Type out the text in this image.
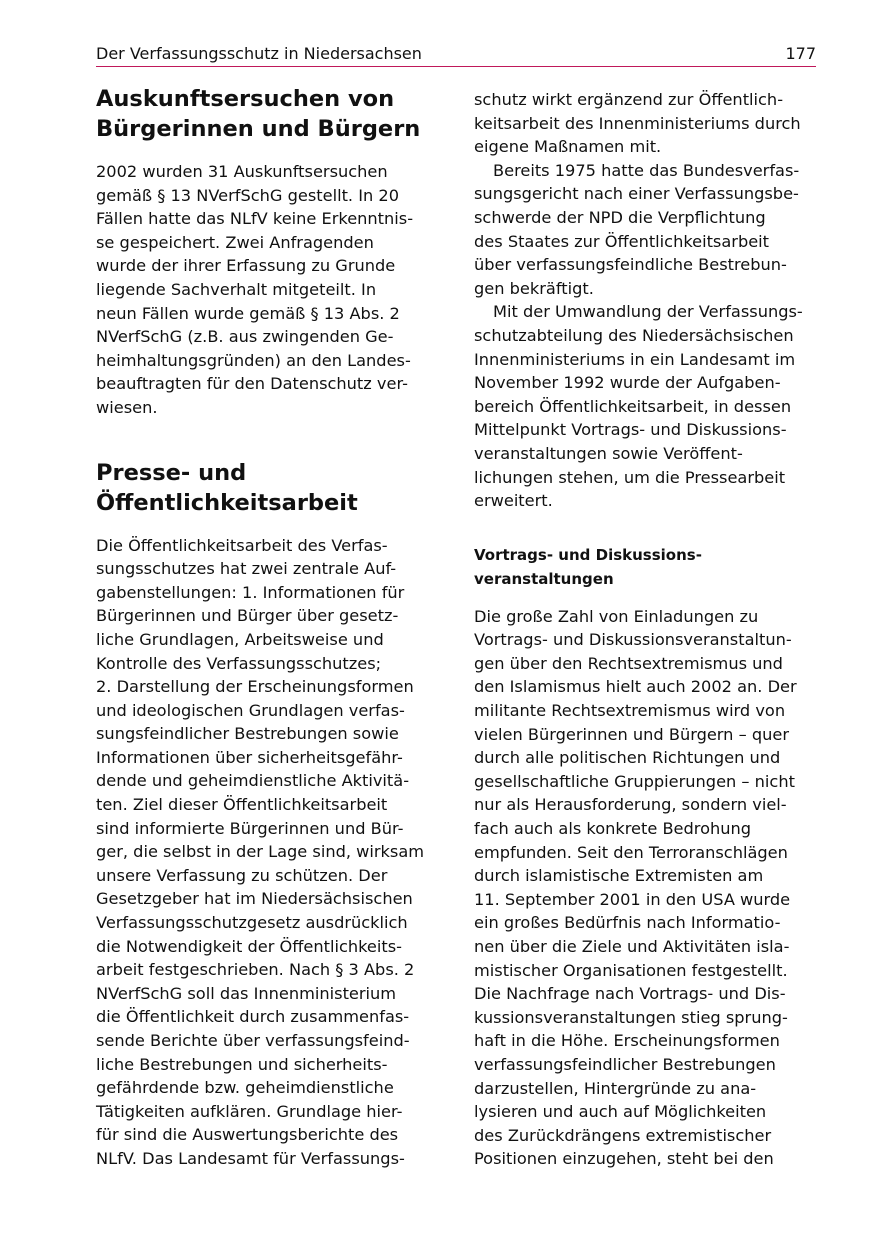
Der Verfassungsschutz in Niedersachsen	177
Auskunftsersuchen von
Bürgerinnen und Bürgern
2002 wurden 31 Auskunftsersuchen
gemäß § 13 NVerfSchG gestellt. In 20
Fällen hatte das NLfV keine Erkenntnis-
se gespeichert. Zwei Anfragenden
wurde der ihrer Erfassung zu Grunde
liegende Sachverhalt mitgeteilt. In
neun Fällen wurde gemäß § 13 Abs. 2
NVerfSchG (z.B. aus zwingenden Ge-
heimhaltungsgründen) an den Landes-
beauftragten für den Datenschutz ver-
wiesen.
Presse- und
Öffentlichkeitsarbeit
Die Öffentlichkeitsarbeit des Verfas-
sungsschutzes hat zwei zentrale Auf-
gabenstellungen: 1. Informationen für
Bürgerinnen und Bürger über gesetz-
liche Grundlagen, Arbeitsweise und
Kontrolle des Verfassungsschutzes;
2. Darstellung der Erscheinungsformen
und ideologischen Grundlagen verfas-
sungsfeindlicher Bestrebungen sowie
Informationen über sicherheitsgefähr-
dende und geheimdienstliche Aktivitä-
ten. Ziel dieser Öffentlichkeitsarbeit
sind informierte Bürgerinnen und Bür-
ger, die selbst in der Lage sind, wirksam
unsere Verfassung zu schützen. Der
Gesetzgeber hat im Niedersächsischen
Verfassungsschutzgesetz ausdrücklich
die Notwendigkeit der Öffentlichkeits-
arbeit festgeschrieben. Nach § 3 Abs. 2
NVerfSchG soll das Innenministerium
die Öffentlichkeit durch zusammenfas-
sende Berichte über verfassungsfeind-
liche Bestrebungen und sicherheits-
gefährdende bzw. geheimdienstliche
Tätigkeiten aufklären. Grundlage hier-
für sind die Auswertungsberichte des
NLfV. Das Landesamt für Verfassungs-
schutz wirkt ergänzend zur Öffentlich-
keitsarbeit des Innenministeriums durch
eigene Maßnamen mit.
Bereits 1975 hatte das Bundesverfas-
sungsgericht nach einer Verfassungsbe-
schwerde der NPD die Verpflichtung
des Staates zur Öffentlichkeitsarbeit
über verfassungsfeindliche Bestrebun-
gen bekräftigt.
Mit der Umwandlung der Verfassungs-
schutzabteilung des Niedersächsischen
Innenministeriums in ein Landesamt im
November 1992 wurde der Aufgaben-
bereich Öffentlichkeitsarbeit, in dessen
Mittelpunkt Vortrags- und Diskussions-
veranstaltungen sowie Veröffent-
lichungen stehen, um die Pressearbeit
erweitert.
Vortrags- und Diskussions-
veranstaltungen
Die große Zahl von Einladungen zu
Vortrags- und Diskussionsveranstaltun-
gen über den Rechtsextremismus und
den Islamismus hielt auch 2002 an. Der
militante Rechtsextremismus wird von
vielen Bürgerinnen und Bürgern – quer
durch alle politischen Richtungen und
gesellschaftliche Gruppierungen – nicht
nur als Herausforderung, sondern viel-
fach auch als konkrete Bedrohung
empfunden. Seit den Terroranschlägen
durch islamistische Extremisten am
11. September 2001 in den USA wurde
ein großes Bedürfnis nach Informatio-
nen über die Ziele und Aktivitäten isla-
mistischer Organisationen festgestellt.
Die Nachfrage nach Vortrags- und Dis-
kussionsveranstaltungen stieg sprung-
haft in die Höhe. Erscheinungsformen
verfassungsfeindlicher Bestrebungen
darzustellen, Hintergründe zu ana-
lysieren und auch auf Möglichkeiten
des Zurückdrängens extremistischer
Positionen einzugehen, steht bei den
